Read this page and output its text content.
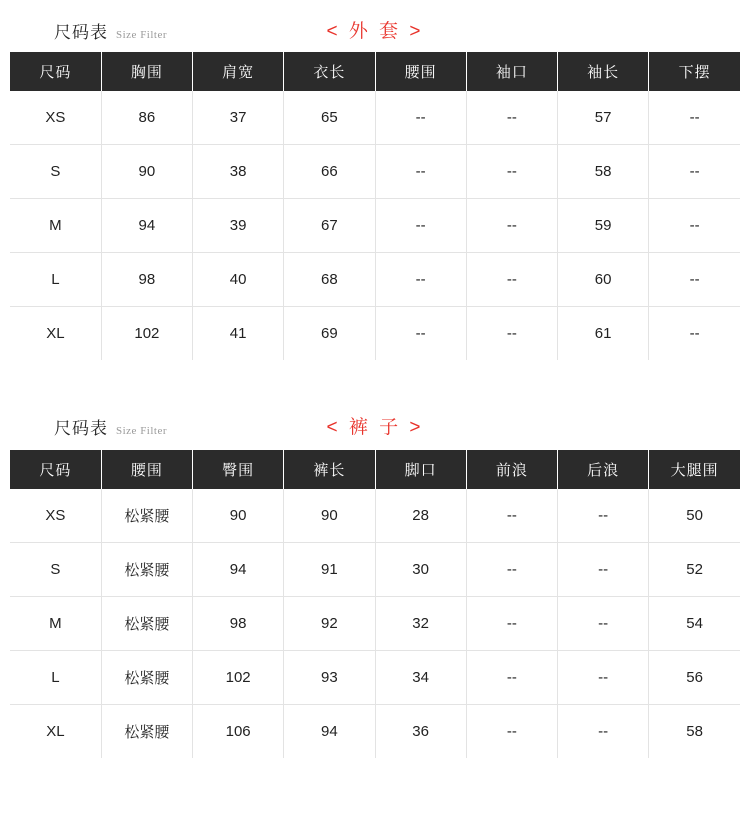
尺码表 Size Filter	< 外 套 >
尺码	胸围	肩宽	衣长	腰围	袖口	袖长	下摆
XS	86	37	65	--	--	57	--
S	90	38	66	--	--	58	--
M	94	39	67	--	--	59	--
L	98	40	68	--	--	60	--
XL	102	41	69	--	--	61	--
尺码表 Size Filter	< 裤 子 >
尺码	腰围	臀围	裤长	脚口	前浪	后浪	大腿围
XS	松紧腰	90	90	28	--	--	50
S	松紧腰	94	91	30	--	--	52
M	松紧腰	98	92	32	--	--	54
L	松紧腰	102	93	34	--	--	56
XL	松紧腰	106	94	36	--	--	58
